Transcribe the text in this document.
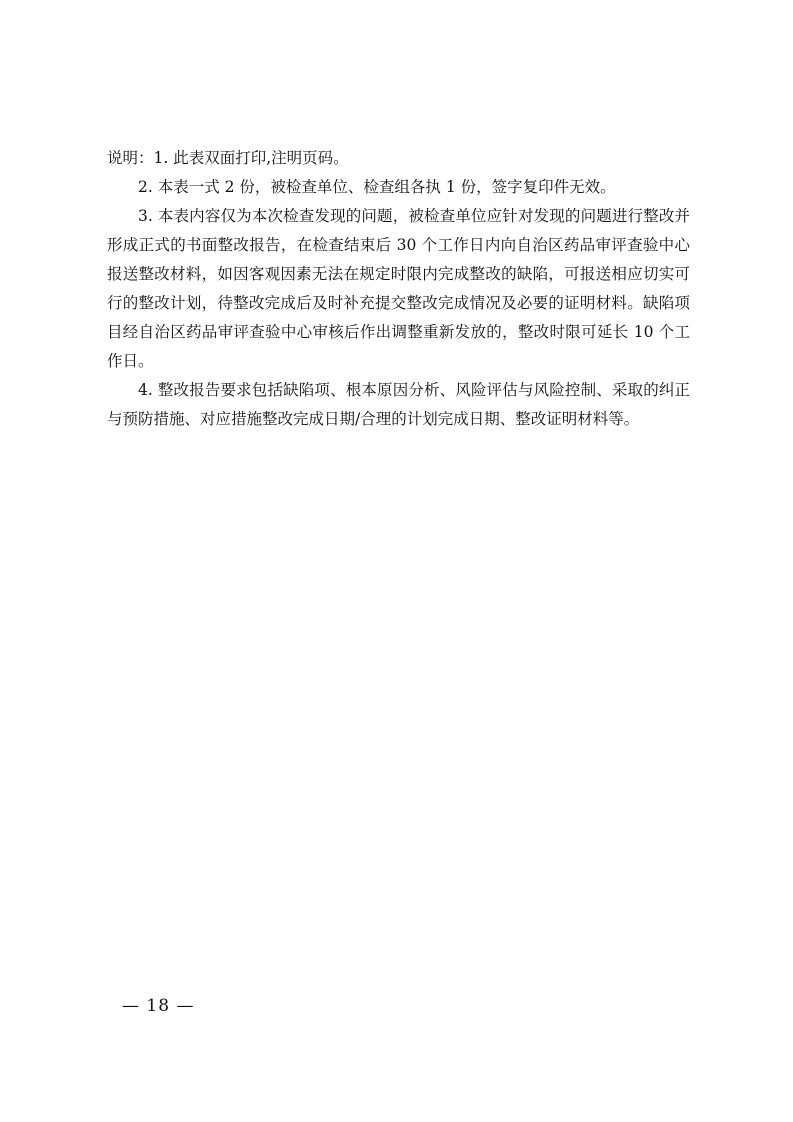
说明：1. 此表双面打印,注明页码。

2. 本表一式 2 份，被检查单位、检查组各执 1 份，签字复印件无效。

3. 本表内容仅为本次检查发现的问题，被检查单位应针对发现的问题进行整改并形成正式的书面整改报告，在检查结束后 30 个工作日内向自治区药品审评查验中心报送整改材料，如因客观因素无法在规定时限内完成整改的缺陷，可报送相应切实可行的整改计划，待整改完成后及时补充提交整改完成情况及必要的证明材料。缺陷项目经自治区药品审评查验中心审核后作出调整重新发放的，整改时限可延长 10 个工作日。

4. 整改报告要求包括缺陷项、根本原因分析、风险评估与风险控制、采取的纠正与预防措施、对应措施整改完成日期/合理的计划完成日期、整改证明材料等。

— 18 —
